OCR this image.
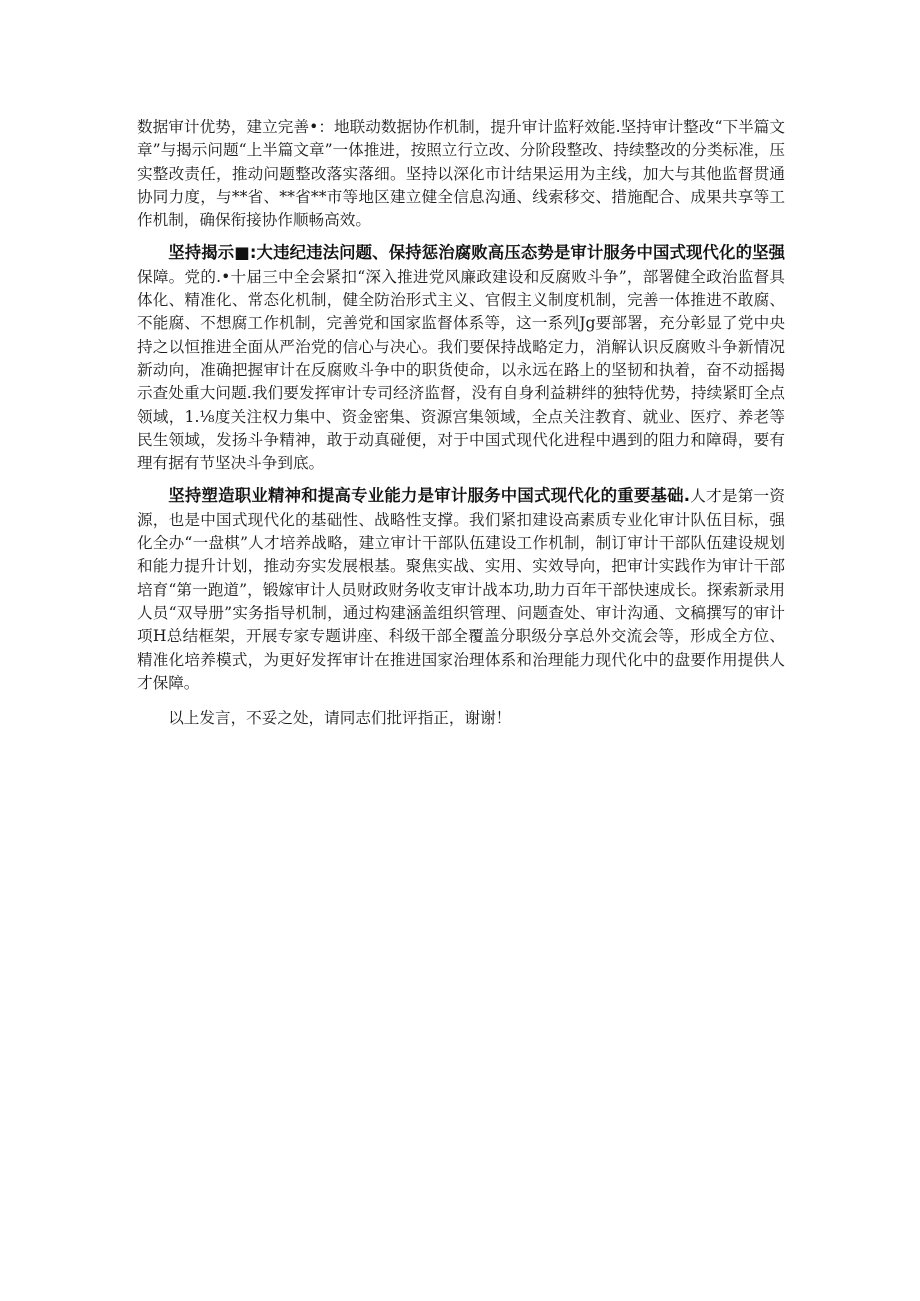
数据审计优势，建立完善•：地联动数据协作机制，提升审计监籽效能.坚持审计整改“下半篇文章”与揭示问题“上半篇文章”一体推进，按照立行立改、分阶段整改、持续整改的分类标准，压实整改责任，推动问题整改落实落细。坚持以深化市计结果运用为主线，加大与其他监督贯通协同力度，与**省、**省**市等地区建立健全信息沟通、线索移交、措施配合、成果共享等工作机制，确保衔接协作顺畅高效。

坚持揭示■:大违纪违法问题、保持惩治腐败高压态势是审计服务中国式现代化的坚强保障。党的.•十届三中全会紧扣“深入推进党风廉政建设和反腐败斗争”，部署健全政治监督具体化、精准化、常态化机制，健全防治形式主义、官假主义制度机制，完善一体推进不敢腐、不能腐、不想腐工作机制，完善党和国家监督体系等，这一系列Jg要部署，充分彰显了党中央持之以恒推进全面从严治党的信心与决心。我们要保持战略定力，消解认识反腐败斗争新情况新动向，准确把握审计在反腐败斗争中的职货使命，以永远在路上的坚韧和执着，奋不动摇揭示查处重大问题.我们要发挥审计专司经济监督，没有自身利益耕绊的独特优势，持续紧盯全点领域，1.⅛度关注权力集中、资金密集、资源宫集领域，全点关注教育、就业、医疗、养老等民生领域，发扬斗争精神，敢于动真碰便，对于中国式现代化进程中遇到的阻力和障碍，要有理有据有节坚决斗争到底。

坚持塑造职业精神和提高专业能力是审计服务中国式现代化的重要基础.人才是第一资源，也是中国式现代化的基础性、战略性支撑。我们紧扣建设高素质专业化审计队伍目标，强化全办“一盘棋”人才培养战略，建立审计干部队伍建设工作机制，制订审计干部队伍建设规划和能力提升计划，推动夯实发展根基。聚焦实战、实用、实效导向，把审计实践作为审计干部培育“第一跑道”，锻嫁审计人员财政财务收支审计战本功,助力百年干部快速成长。探索新录用人员“双导册”实务指导机制，通过构建涵盖组织管理、问题查处、审计沟通、文稿撰写的审计项H总结框架，开展专家专题讲座、科级干部全覆盖分职级分享总外交流会等，形成全方位、精准化培养模式，为更好发挥审计在推进国家治理体系和治理能力现代化中的盘要作用提供人才保障。

以上发言，不妥之处，请同志们批评指正，谢谢！
